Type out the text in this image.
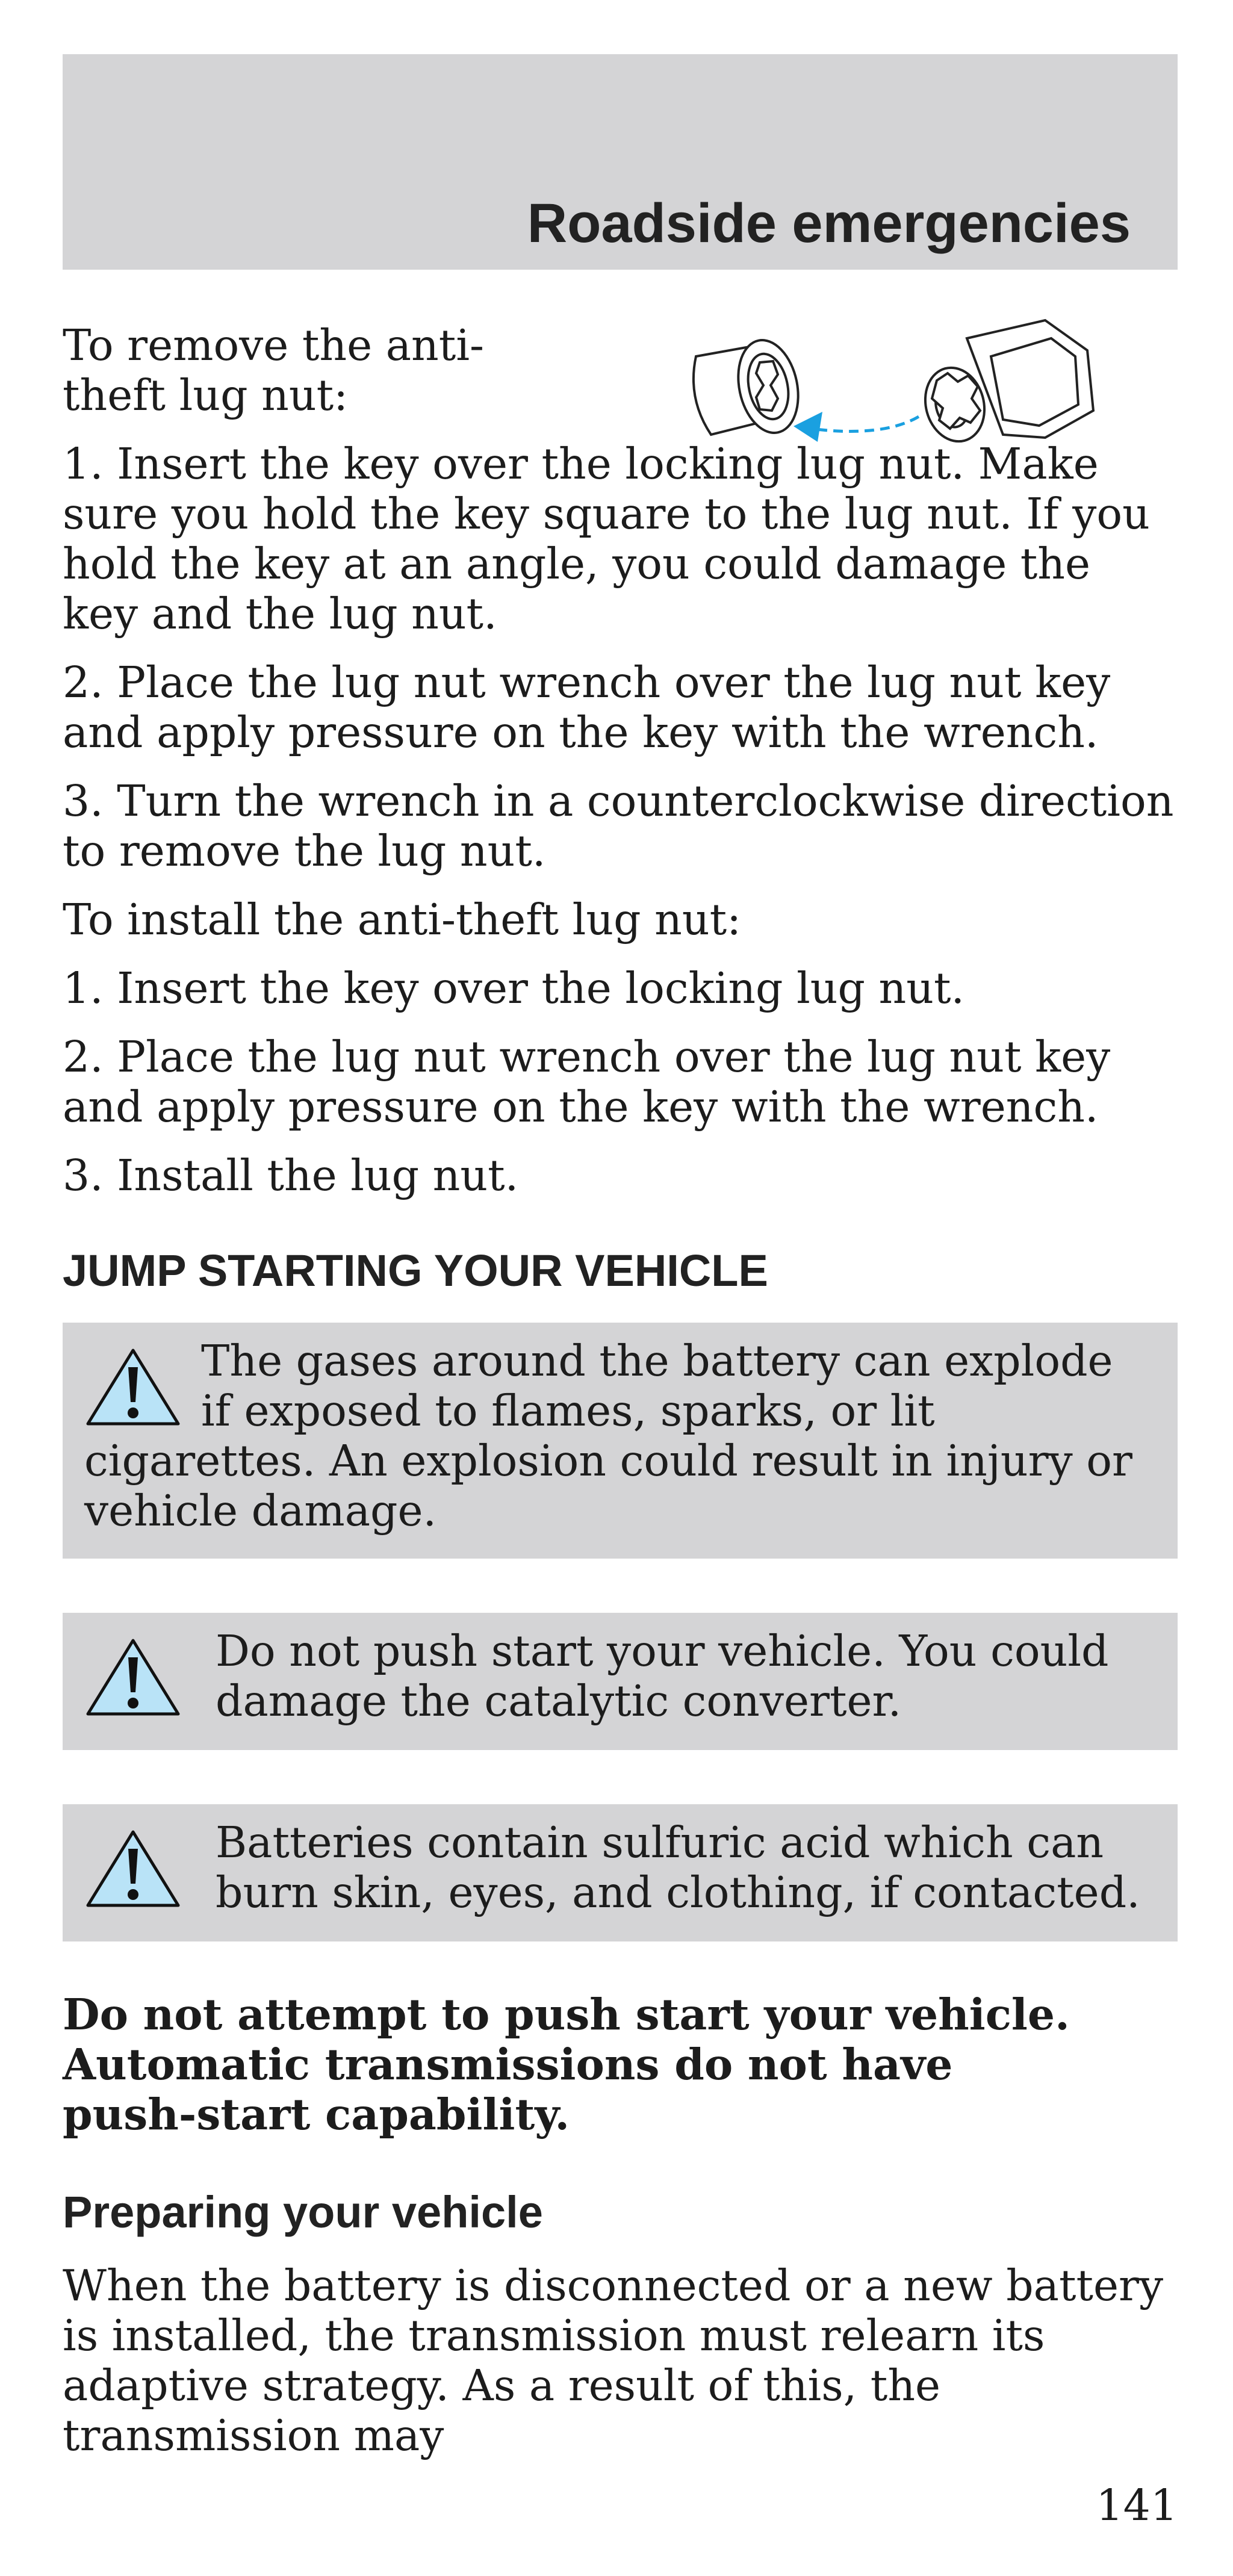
Roadside emergencies

To remove the anti-theft lug nut:

1. Insert the key over the locking lug nut. Make sure you hold the key square to the lug nut. If you hold the key at an angle, you could damage the key and the lug nut.

2. Place the lug nut wrench over the lug nut key and apply pressure on the key with the wrench.

3. Turn the wrench in a counterclockwise direction to remove the lug nut.

To install the anti-theft lug nut:

1. Insert the key over the locking lug nut.

2. Place the lug nut wrench over the lug nut key and apply pressure on the key with the wrench.

3. Install the lug nut.

JUMP STARTING YOUR VEHICLE

The gases around the battery can explode if exposed to flames, sparks, or lit cigarettes. An explosion could result in injury or vehicle damage.

Do not push start your vehicle. You could damage the catalytic converter.

Batteries contain sulfuric acid which can burn skin, eyes, and clothing, if contacted.

Do not attempt to push start your vehicle. Automatic transmissions do not have push-start capability.

Preparing your vehicle

When the battery is disconnected or a new battery is installed, the transmission must relearn its adaptive strategy. As a result of this, the transmission may

141
